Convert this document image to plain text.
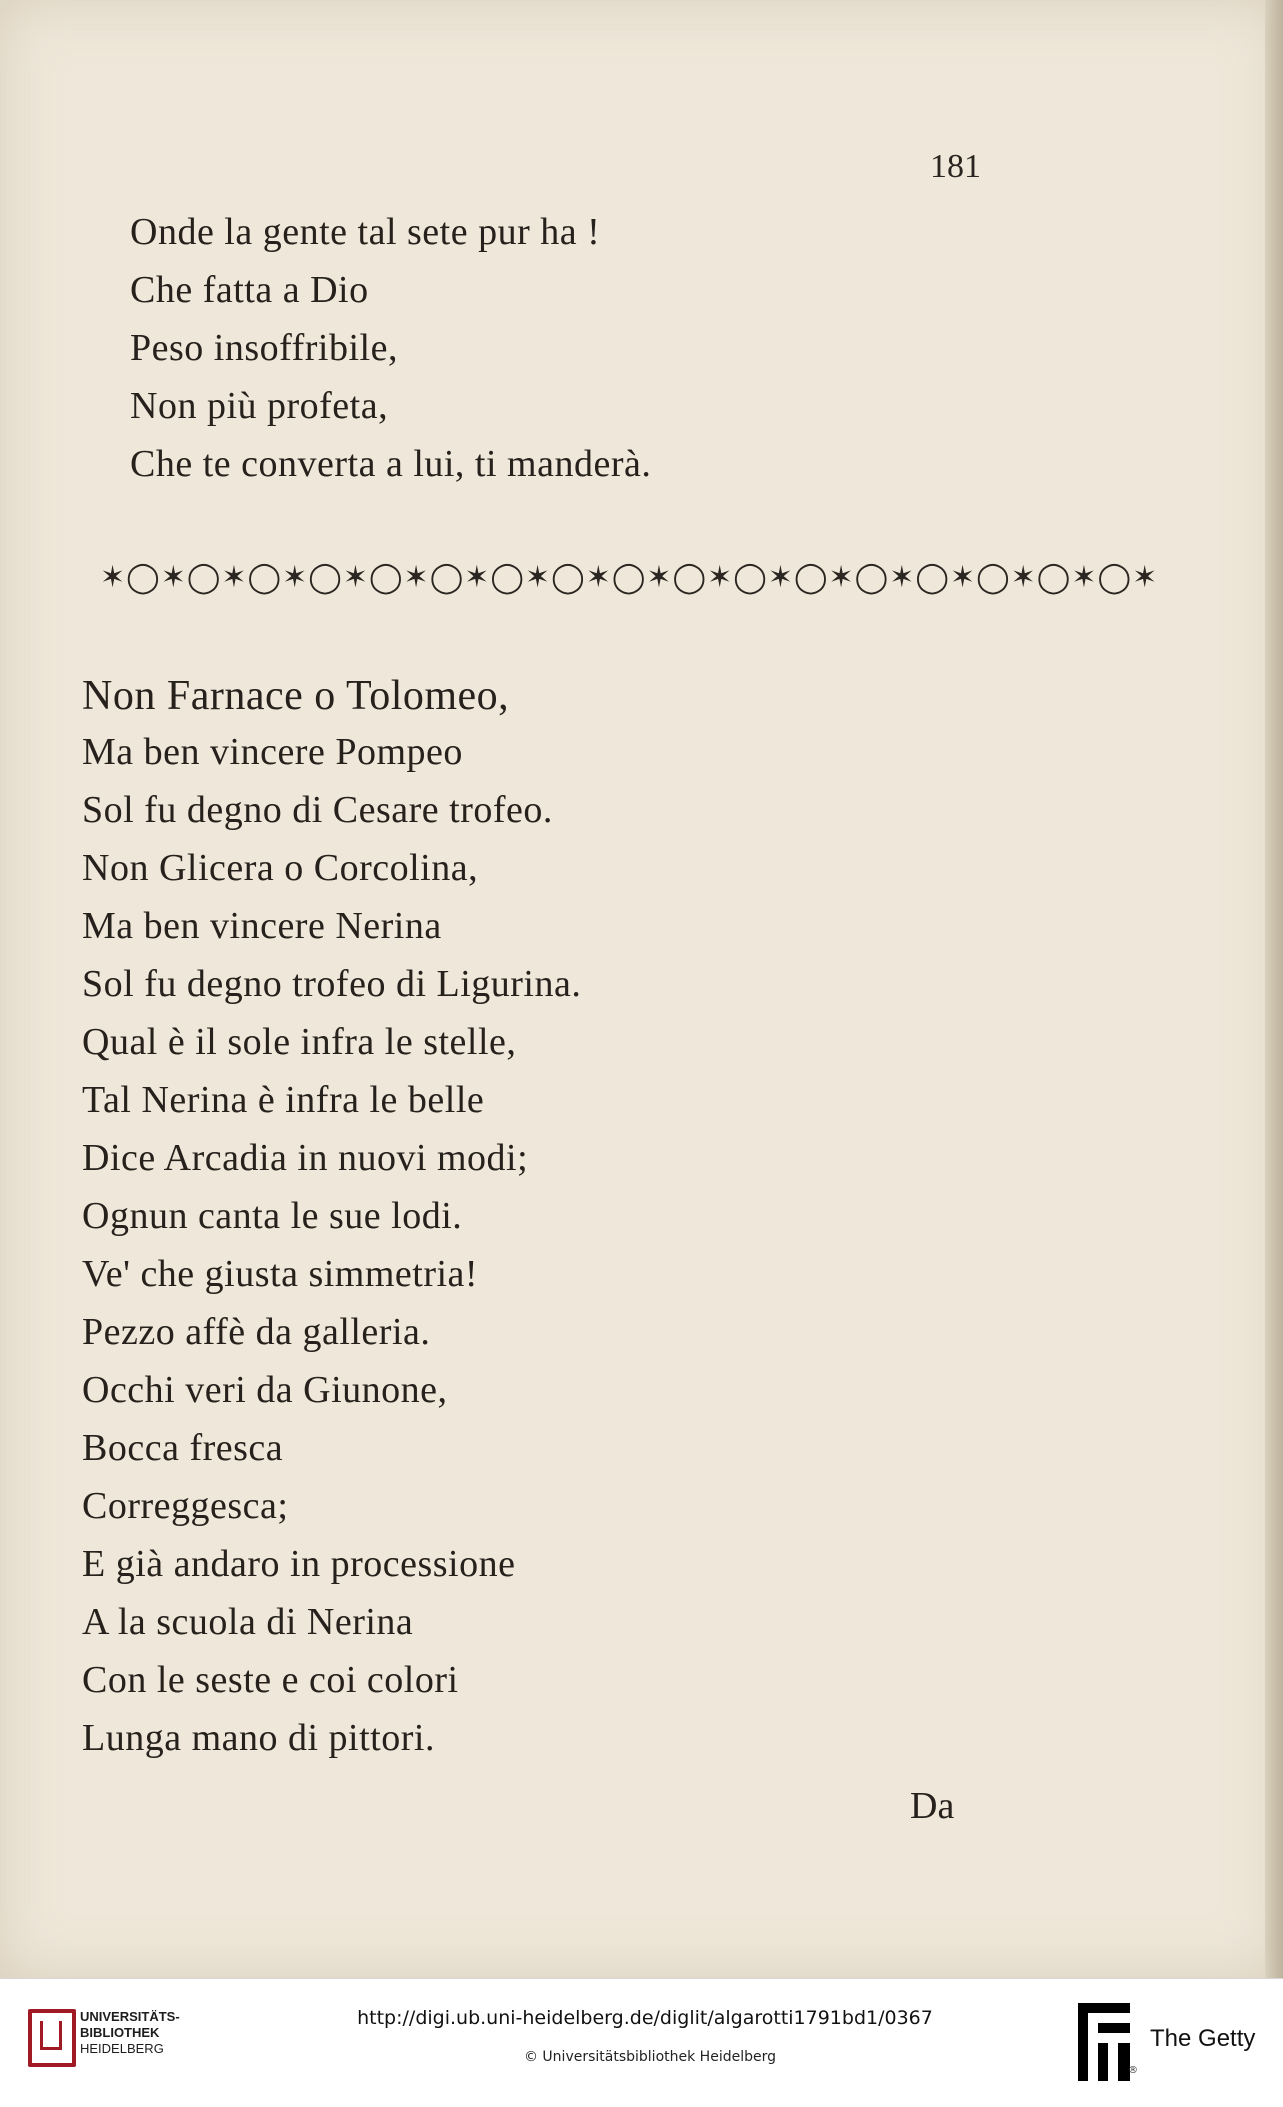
181
Onde la gente tal sete pur ha !
Che fatta a Dio
Peso insoffribile,
Non più profeta,
Che te converta a lui, ti manderà.
✶◯✶◯✶◯✶◯✶◯✶◯✶◯✶◯✶◯✶◯✶◯✶◯✶◯✶◯✶◯✶◯✶◯✶
Non Farnace o Tolomeo,
Ma ben vincere Pompeo
Sol fu degno di Cesare trofeo.
Non Glicera o Corcolina,
Ma ben vincere Nerina
Sol fu degno trofeo di Ligurina.
Qual è il sole infra le stelle,
Tal Nerina è infra le belle
Dice Arcadia in nuovi modi;
Ognun canta le sue lodi.
Ve' che giusta simmetria!
Pezzo affè da galleria.
Occhi veri da Giunone,
Bocca fresca
Correggesca;
E già andaro in processione
A la scuola di Nerina
Con le seste e coi colori
Lunga mano di pittori.
Da
UNIVERSITÄTS-
BIBLIOTHEK
HEIDELBERG
http://digi.ub.uni-heidelberg.de/diglit/algarotti1791bd1/0367
© Universitätsbibliothek Heidelberg
®
The Getty
